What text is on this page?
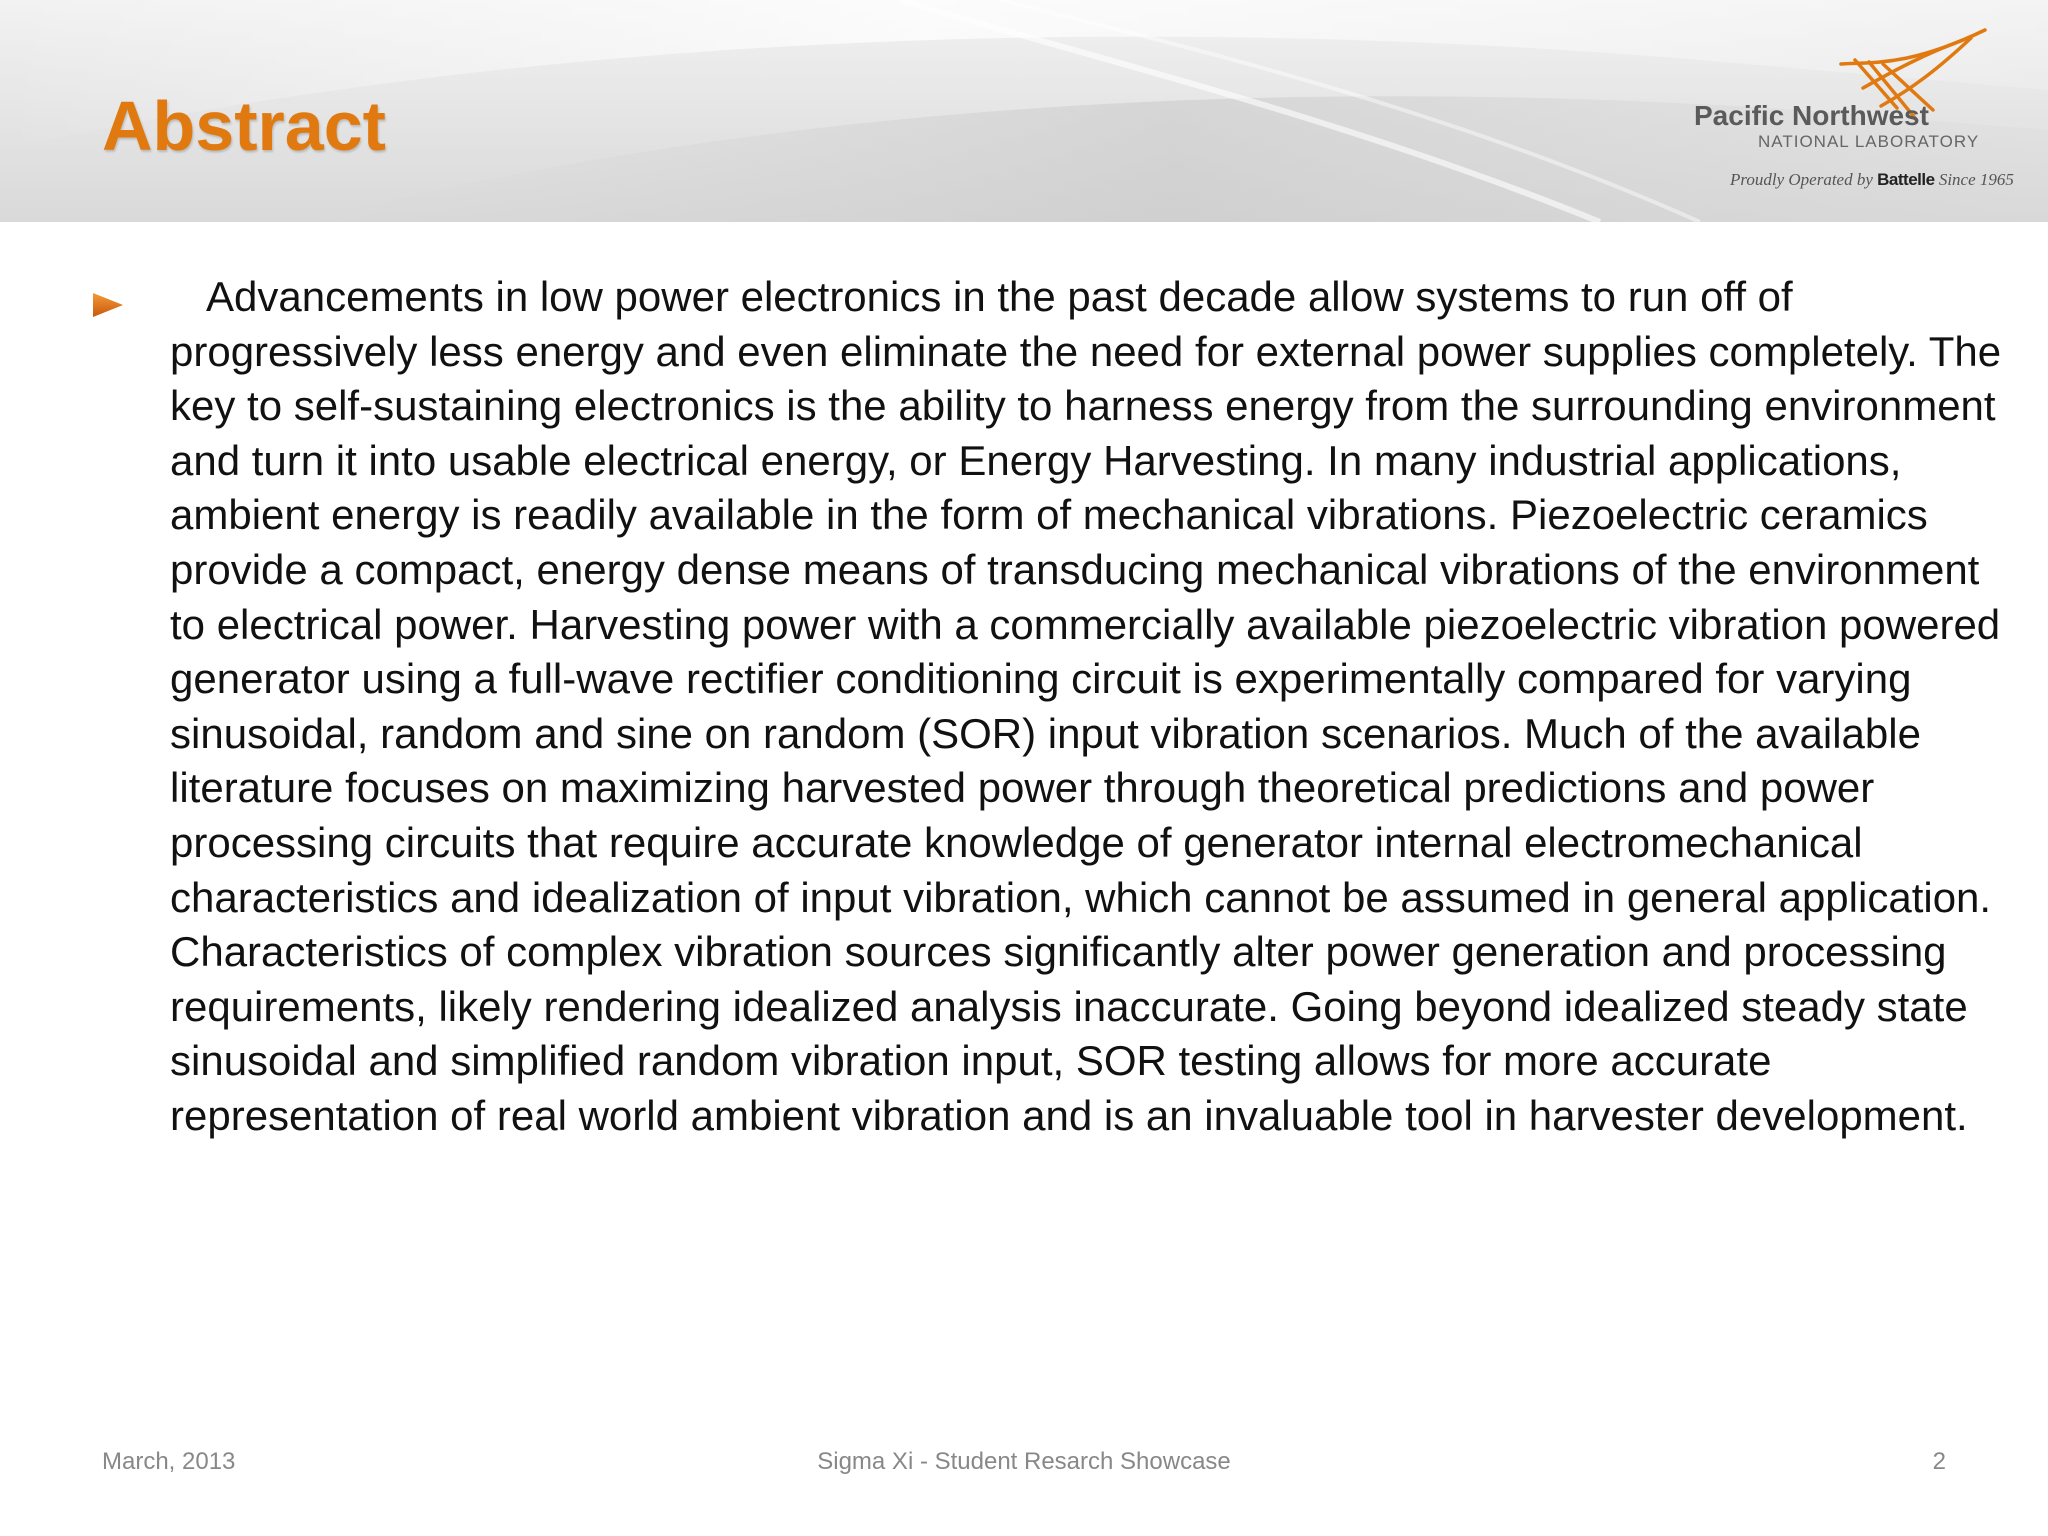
Abstract	Pacific Northwest
NATIONAL LABORATORY
Proudly Operated by Battelle Since 1965

Advancements in low power electronics in the past decade allow systems to run off of progressively less energy and even eliminate the need for external power supplies completely. The key to self-sustaining electronics is the ability to harness energy from the surrounding environment and turn it into usable electrical energy, or Energy Harvesting. In many industrial applications, ambient energy is readily available in the form of mechanical vibrations. Piezoelectric ceramics provide a compact, energy dense means of transducing mechanical vibrations of the environment to electrical power. Harvesting power with a commercially available piezoelectric vibration powered generator using a full-wave rectifier conditioning circuit is experimentally compared for varying sinusoidal, random and sine on random (SOR) input vibration scenarios. Much of the available literature focuses on maximizing harvested power through theoretical predictions and power processing circuits that require accurate knowledge of generator internal electromechanical characteristics and idealization of input vibration, which cannot be assumed in general application. Characteristics of complex vibration sources significantly alter power generation and processing requirements, likely rendering idealized analysis inaccurate. Going beyond idealized steady state sinusoidal and simplified random vibration input, SOR testing allows for more accurate representation of real world ambient vibration and is an invaluable tool in harvester development.

March, 2013	Sigma Xi - Student Resarch Showcase	2
